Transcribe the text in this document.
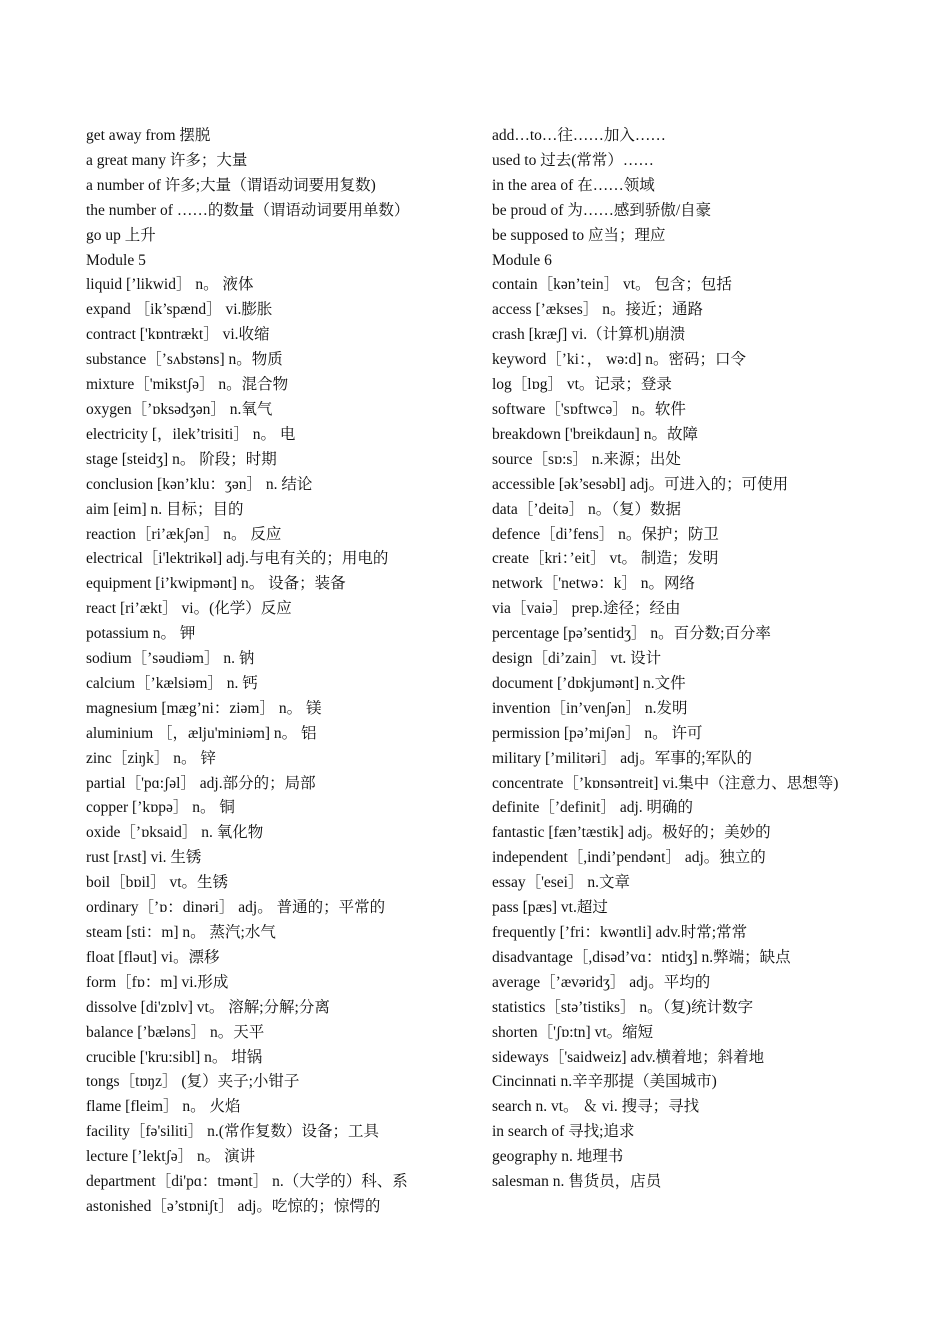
get away from 摆脱

a great many 许多；大量

a number of 许多;大量（谓语动词要用复数)

the number of ……的数量（谓语动词要用单数）

go up 上升

Module 5

liquid [’likwid］ n。 液体

expand ［ik’spænd］ vi.膨胀

contract ['kɒntrækt］ vi.收缩

substance［’sʌbstəns] n。物质

mixture［'mikstʃə］ n。混合物

oxygen［’ɒksədʒən］ n.氧气

electricity [，ilek’trisiti］ n。 电

stage [steidʒ] n。 阶段；时期

conclusion [kən’klu：ʒən］ n. 结论

aim [eim] n. 目标；目的

reaction［ri’ækʃən］ n。 反应

electrical［i'lektrikəl] adj.与电有关的；用电的

equipment [i’kwipmənt] n。 设备；装备

react [ri’ækt］ vi。(化学）反应

potassium n。 钾

sodium［’səudiəm］ n. 钠

calcium［’kælsiəm］ n. 钙

magnesium [mæg’ni：ziəm］ n。 镁

aluminium ［，ælju'miniəm] n。 铝

zinc［ziŋk］ n。 锌

partial［'pɑ:ʃəl］ adj.部分的；局部

copper [’kɒpə］ n。 铜

oxide［’ɒksaid］ n. 氧化物

rust [rʌst] vi. 生锈

boil［bɒil］ vt。生锈

ordinary［’ɒ：dinəri］ adj。 普通的；平常的

steam [sti：m] n。 蒸汽;水气

float [fləut] vi。漂移

form［fɒ：m] vi.形成

dissolve [di'zɒlv] vt。 溶解;分解;分离

balance [’bæləns］ n。天平

crucible ['kru:sibl] n。 坩锅

tongs［tɒŋz］ (复）夹子;小钳子

flame [fleim］ n。 火焰

facility［fə'siliti］ n.(常作复数）设备；工具

lecture [’lektʃə］ n。 演讲

department［di'pɑ：tmənt］ n.（大学的）科、系

astonished［ə’stɒniʃt］ adj。吃惊的；惊愕的

add…to…往……加入……

used to 过去(常常）……

in the area of 在……领域

be proud of 为……感到骄傲/自豪

be supposed to 应当；理应

Module 6

contain［kən’tein］ vt。 包含；包括

access [’ækses］ n。接近；通路

crash [kræʃ] vi.（计算机)崩溃

keyword［’ki：， wə:d] n。密码；口令

log［lɒg］ vt。记录；登录

software［'sɒftwcə］ n。软件

breakdown ['breikdaun] n。故障

source［sɒ:s］ n.来源；出处

accessible [ək’sesəbl] adj。可进入的；可使用

data［’deitə］ n。（复）数据

defence［di’fens］ n。保护；防卫

create［kri：’eit］ vt。 制造；发明

network［'netwə：k］ n。网络

via［vaiə］ prep.途径；经由

percentage [pə’sentidʒ］ n。百分数;百分率

design［di’zain］ vt. 设计

document [’dɒkjumənt] n.文件

invention［in’venʃən］ n.发明

permission [pə’miʃən］ n。 许可

military [’militəri］ adj。军事的;军队的

concentrate［’kɒnsəntreit] vi.集中（注意力、思想等)

definite［’definit］ adj. 明确的

fantastic [fæn’tæstik] adj。极好的；美妙的

independent［,indi’pendənt］ adj。独立的

essay［'esei］ n.文章

pass [pæs] vt.超过

frequently [’fri：kwəntli] adv.时常;常常

disadvantage［,disəd’vɑ：ntidʒ] n.弊端；缺点

average［’ævəridʒ］ adj。平均的

statistics［stə’tistiks］ n。（复)统计数字

shorten［'ʃɒ:tn] vt。缩短

sideways［'saidweiz] adv.横着地；斜着地

Cincinnati n.辛辛那提（美国城市)

search n. vt。 ＆ vi. 搜寻；寻找

in search of 寻找;追求

geography n. 地理书

salesman n. 售货员，店员
